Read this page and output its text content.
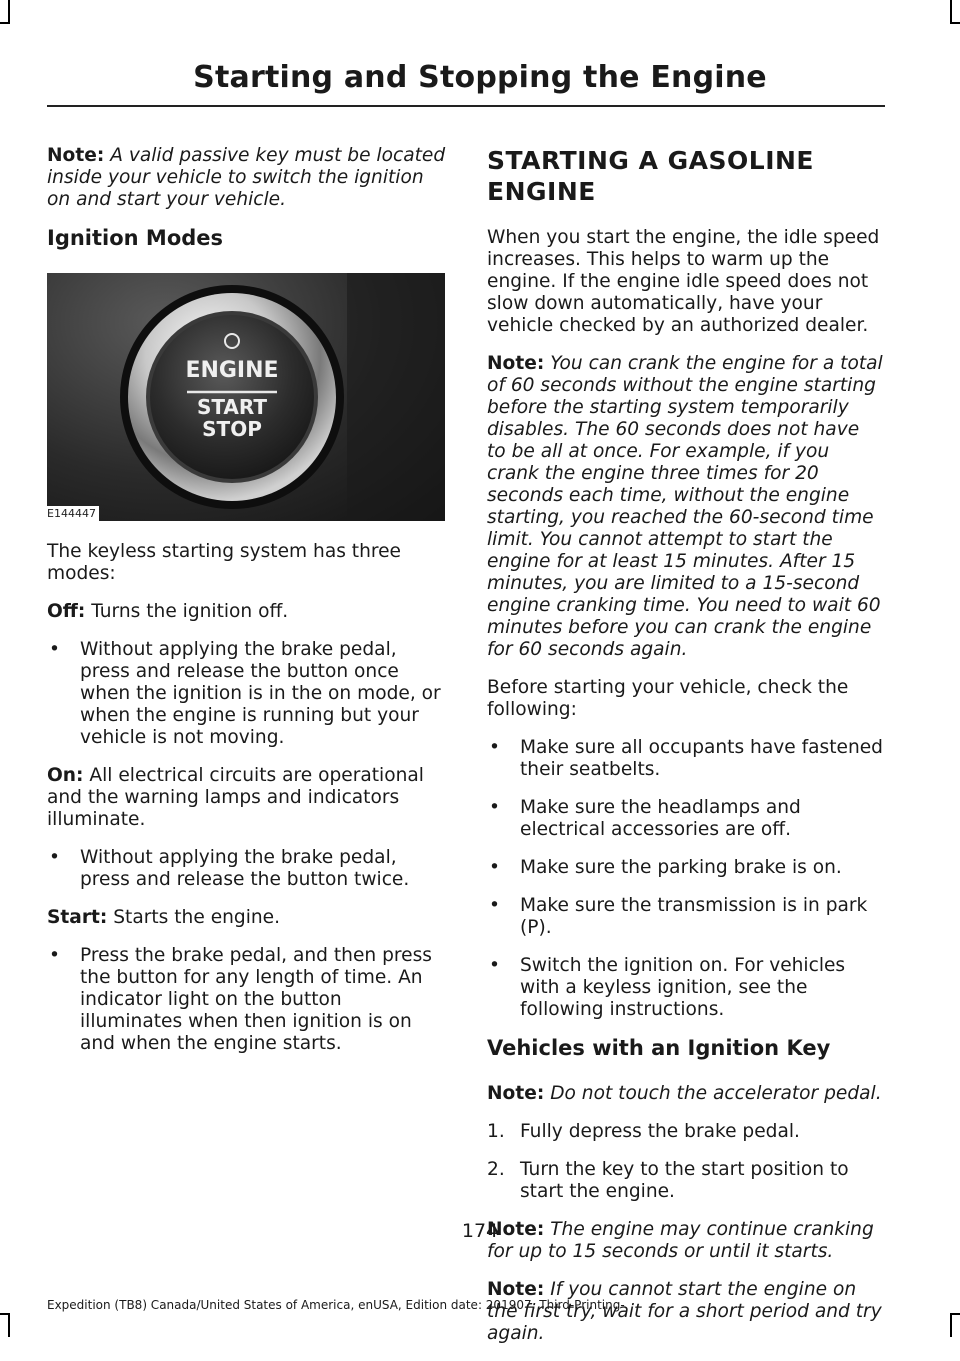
Starting and Stopping the Engine

Note: A valid passive key must be located inside your vehicle to switch the ignition on and start your vehicle.

Ignition Modes
ENGINE
START
STOP
E144447

The keyless starting system has three modes:

Off: Turns the ignition off.

• Without applying the brake pedal, press and release the button once when the ignition is in the on mode, or when the engine is running but your vehicle is not moving.

On: All electrical circuits are operational and the warning lamps and indicators illuminate.

• Without applying the brake pedal, press and release the button twice.

Start: Starts the engine.

• Press the brake pedal, and then press the button for any length of time. An indicator light on the button illuminates when then ignition is on and when the engine starts.
STARTING A GASOLINE
ENGINE

When you start the engine, the idle speed increases. This helps to warm up the engine. If the engine idle speed does not slow down automatically, have your vehicle checked by an authorized dealer.

Note: You can crank the engine for a total of 60 seconds without the engine starting before the starting system temporarily disables. The 60 seconds does not have to be all at once. For example, if you crank the engine three times for 20 seconds each time, without the engine starting, you reached the 60-second time limit. You cannot attempt to start the engine for at least 15 minutes. After 15 minutes, you are limited to a 15-second engine cranking time. You need to wait 60 minutes before you can crank the engine for 60 seconds again.

Before starting your vehicle, check the following:

• Make sure all occupants have fastened their seatbelts.
• Make sure the headlamps and electrical accessories are off.
• Make sure the parking brake is on.
• Make sure the transmission is in park (P).
• Switch the ignition on. For vehicles with a keyless ignition, see the following instructions.
Vehicles with an Ignition Key

Note: Do not touch the accelerator pedal.

1. Fully depress the brake pedal.
2. Turn the key to the start position to start the engine.

Note: The engine may continue cranking for up to 15 seconds or until it starts.

Note: If you cannot start the engine on the first try, wait for a short period and try again.

174
Expedition (TB8) Canada/United States of America, enUSA, Edition date: 201907, Third-Printing-
